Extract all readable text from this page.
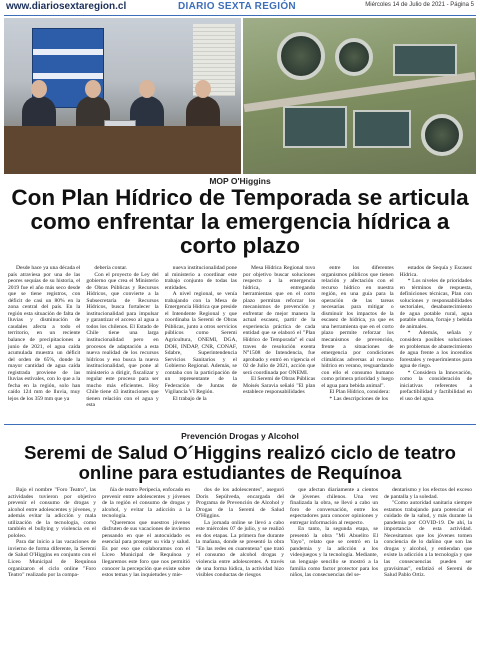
www.diariosextaregion.cl	DIARIO SEXTA REGIÓN	Miércoles 14 de Julio de 2021 - Página 5
MOP O'Higgins
Con Plan Hídrico de Temporada se articula como enfrentar la emergencia hídrica a corto plazo

Desde hace ya una década el país atraviesa por una de las peores sequías de su historia, el 2019 fue el año más seco desde que se tiene registros, con déficit de casi un 80% en la zona central del país. En la región esta situación de falta de lluvias y disminución de caudales afecta a todo el territorio, en un reciente balance de precipitaciones a junio de 2021, el agua caída acumulada muestra un déficit del orden de 65%, donde la mayor cantidad de agua caída registrada proviene de las lluvias estivales, con lo que a la fecha en la región, solo han caído 124 mm de lluvia, muy lejos de los 359 mm que ya

debería contar.

Con el proyecto de Ley del gobierno que crea el Ministerio de Obras Públicas y Recursos Hídricos, que convierte a la Subsecretaría de Recursos Hídricos, busca fortalecer la institucionalidad para impulsar y garantizar el acceso al agua a todos los chilenos. El Estado de Chile tiene una larga institucionalidad pero en procesos de adaptación a esta nueva realidad de los recursos hídricos y eso busca la nueva institucionalidad, que pone al ministerio a dirigir, fiscalizar y regular este proceso para ser mucho más eficientes. Hoy Chile tiene 43 instituciones que tienen relación con el agua y esta

nueva institucionalidad pone al ministerio a coordinar este trabajo conjunto de todas las entidades.

A nivel regional, se venía trabajando con la Mesa de Emergencia Hídrica que preside el Intendente Regional y que coordinaba la Seremi de Obras Públicas, junto a otros servicios públicos como Seremi Agricultura, ONEMI, DGA, DOH, INDAP, CNR, CONAF, Sdabre, Superintendencia Servicios Sanitarios y el Gobierno Regional. Además, se contaba con la participación de un representante de la Federación de Juntas de Vigilancia VI Región.

El trabajo de la

Mesa Hídrica Regional tuvo por objetivo buscar soluciones respecto a la emergencia hídrica, entregando herramientas que en el corto plazo permitan reforzar los mecanismos de prevención y enfrentar de mejor manera la actual escasez, partir de la experiencia práctica de cada entidad que se elaboró el "Plan Hídrico de Temporada" el cual traves de resolución exenta N°1508 de Intendencia, fue aprobado y entró en vigencia el 02 de Julio de 2021, acción que será coordinada por ONEMI.

El Seremi de Obras Públicas Moisés Saravia señaló "El plan establece responsabilidades

entre los diferentes organismos públicos que tienen relación y afectación con el recurso hídrico en nuestra región, en una guía para la operación de las tareas necesarias para mitigar o disminuir los impactos de la escasez de hídrica, ya que es una herramienta que en el corto plazo permite reforzar los mecanismos de prevención, frente a situaciones de emergencia por condiciones climáticas adversas al recurso hídrico en verano, resguardando con ello el consumo humano como primera prioridad y luego el agua para bebida animal".

El Plan Hídrico, considera:

* Las descripciones de los

estados de Sequía y Escasez Hídrica.

* Los niveles de prioridades en términos de respuesta, definiciones técnicas, Plan con soluciones y responsabilidades sectoriales, desabastecimiento de agua potable rural, agua potable urbana, forraje y bebida de animales.

* Además, señala y considera posibles soluciones en problemas de abastecimiento de agua frente a los incendios forestales y requerimientos para agua de riego.

* Considera la Innovación, como la consideración de iniciativas referentes a prefactibilidad y factibilidad en el uso del agua.

Prevención Drogas y Alcohol
Seremi de Salud O´Higgins realizó ciclo de teatro online para estudiantes de Requínoa

Bajo el nombre "Foro Teatro", las actividades tuvieron por objetivo prevenir el consumo de drogas y alcohol entre adolescentes y jóvenes, y además evitar la adicción y mala utilización de la tecnología, como también el bullying y violencia en el pololeo.

Para dar inicio a las vacaciones de invierno de forma diferente, la Seremi de Salud O'Higgins en conjunto con el Liceo Municipal de Requínoa organizaron el ciclo online "Foro Teatro" realizado por la compa-

ñía de teatro Peripecia, enfocado en prevenir entre adolescentes y jóvenes de la región el consumo de drogas y alcohol, y evitar la adicción a la tecnología.

"Queremos que nuestros jóvenes disfruten de sus vacaciones de invierno pensando en que el autocuidado es esencial para proteger su vida y salud. Es por eso que colaboramos con el Liceo Municipal de Requínoa y llegaremos este foro que nos permitió conocer la percepción que existe sobre estos temas y las inquietudes y mie-

dos de los adolescentes", aseguró Doris Sepúlveda, encargada del Programa de Prevención de Alcohol y Drogas de la Seremi de Salud O'Higgins.

La jornada online se llevó a cabo este miércoles 07 de julio, y se realizó en dos etapas. La primera fue durante la mañana, donde se presentó la obra "En las redes en cuarentena" que trató el consumo de alcohol drogas y violencia entre adolescentes. A través de una forma lúdica, la actividad hizo visibles conductas de riesgos

que afectan diariamente a cientos de jóvenes chilenos. Una vez finalizada la obra, se llevó a cabo un foro de conversación, entre los espectadores para conocer opiniones y entregar información al respecto.

En tanto, la segunda etapa, se presentó la obra "Mi Abuelito El Yayo", relato que se centró en la pandemia y la adicción a los videojuegos y la tecnología. Mediante, un lenguaje sencillo se mostró a la familia como factor protector para los niños, las consecuencias del se-

dentarismo y los efectos del exceso de pantalla y la soledad.

"Como autoridad sanitaria siempre estamos trabajando para potenciar el cuidado de la salud, y más durante la pandemia por COVID-19. De ahí, la importancia de esta actividad. Necesitamos que los jóvenes tomen conciencia de lo dañino que son las drogas y alcohol, y entiendan que existe la adicción a la tecnología y que las consecuencias pueden ser gravísimas", enfatizó el Seremi de Salud Pablo Ortiz.
